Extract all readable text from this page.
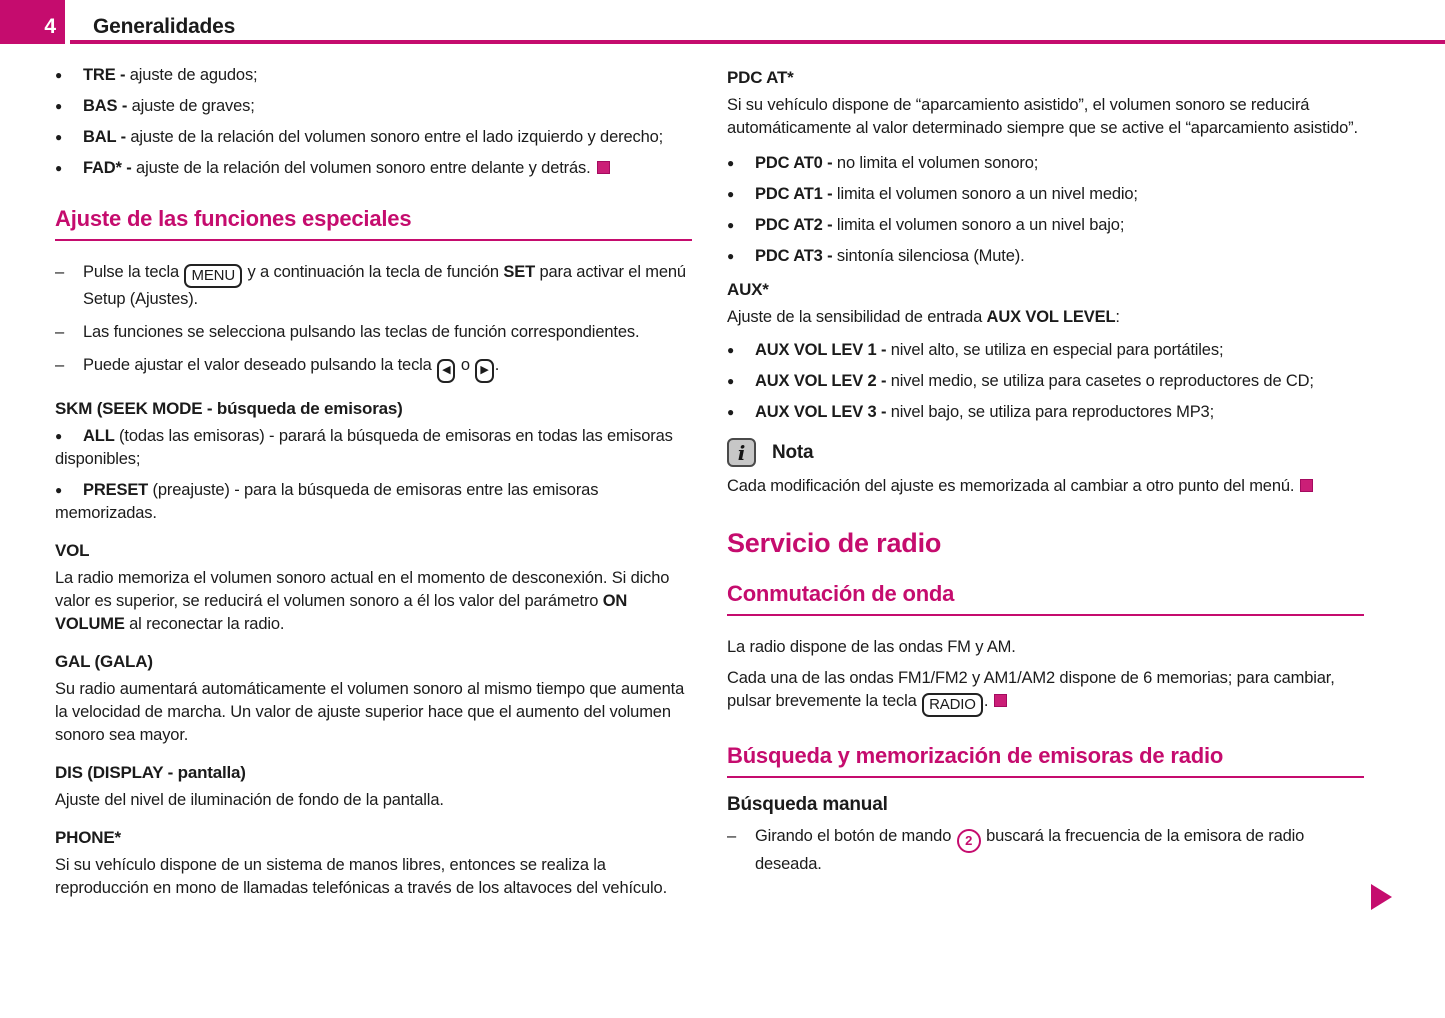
4 Generalidades

● TRE - ajuste de agudos;

● BAS - ajuste de graves;

● BAL - ajuste de la relación del volumen sonoro entre el lado izquierdo y derecho;

● FAD* - ajuste de la relación del volumen sonoro entre delante y detrás.

Ajuste de las funciones especiales
–	Pulse la tecla MENU y a continuación la tecla de función SET para activar el menú Setup (Ajustes).
–	Las funciones se selecciona pulsando las teclas de función correspondientes.
–	Puede ajustar el valor deseado pulsando la tecla ◀ o ▶ .
SKM (SEEK MODE - búsqueda de emisoras)

● ALL (todas las emisoras) - parará la búsqueda de emisoras en todas las emisoras disponibles;

● PRESET (preajuste) - para la búsqueda de emisoras entre las emisoras memorizadas.

VOL

La radio memoriza el volumen sonoro actual en el momento de desconexión. Si dicho valor es superior, se reducirá el volumen sonoro a él los valor del parámetro ON VOLUME al reconectar la radio.

GAL (GALA)

Su radio aumentará automáticamente el volumen sonoro al mismo tiempo que aumenta la velocidad de marcha. Un valor de ajuste superior hace que el aumento del volumen sonoro sea mayor.

DIS (DISPLAY - pantalla)

Ajuste del nivel de iluminación de fondo de la pantalla.

PHONE*

Si su vehículo dispone de un sistema de manos libres, entonces se realiza la reproducción en mono de llamadas telefónicas a través de los altavoces del vehículo.

PDC AT*

Si su vehículo dispone de “aparcamiento asistido”, el volumen sonoro se reducirá automáticamente al valor determinado siempre que se active el “aparcamiento asistido”.

● PDC AT0 - no limita el volumen sonoro;

● PDC AT1 - limita el volumen sonoro a un nivel medio;

● PDC AT2 - limita el volumen sonoro a un nivel bajo;

● PDC AT3 - sintonía silenciosa (Mute).

AUX*

Ajuste de la sensibilidad de entrada AUX VOL LEVEL:

● AUX VOL LEV 1 - nivel alto, se utiliza en especial para portátiles;

● AUX VOL LEV 2 - nivel medio, se utiliza para casetes o reproductores de CD;

● AUX VOL LEV 3 - nivel bajo, se utiliza para reproductores MP3;

i	Nota

Cada modificación del ajuste es memorizada al cambiar a otro punto del menú.

Servicio de radio
Conmutación de onda

La radio dispone de las ondas FM y AM.

Cada una de las ondas FM1/FM2 y AM1/AM2 dispone de 6 memorias; para cambiar, pulsar brevemente la tecla RADIO .

Búsqueda y memorización de emisoras de radio
Búsqueda manual
–	Girando el botón de mando 2 buscará la frecuencia de la emisora de radio deseada.
